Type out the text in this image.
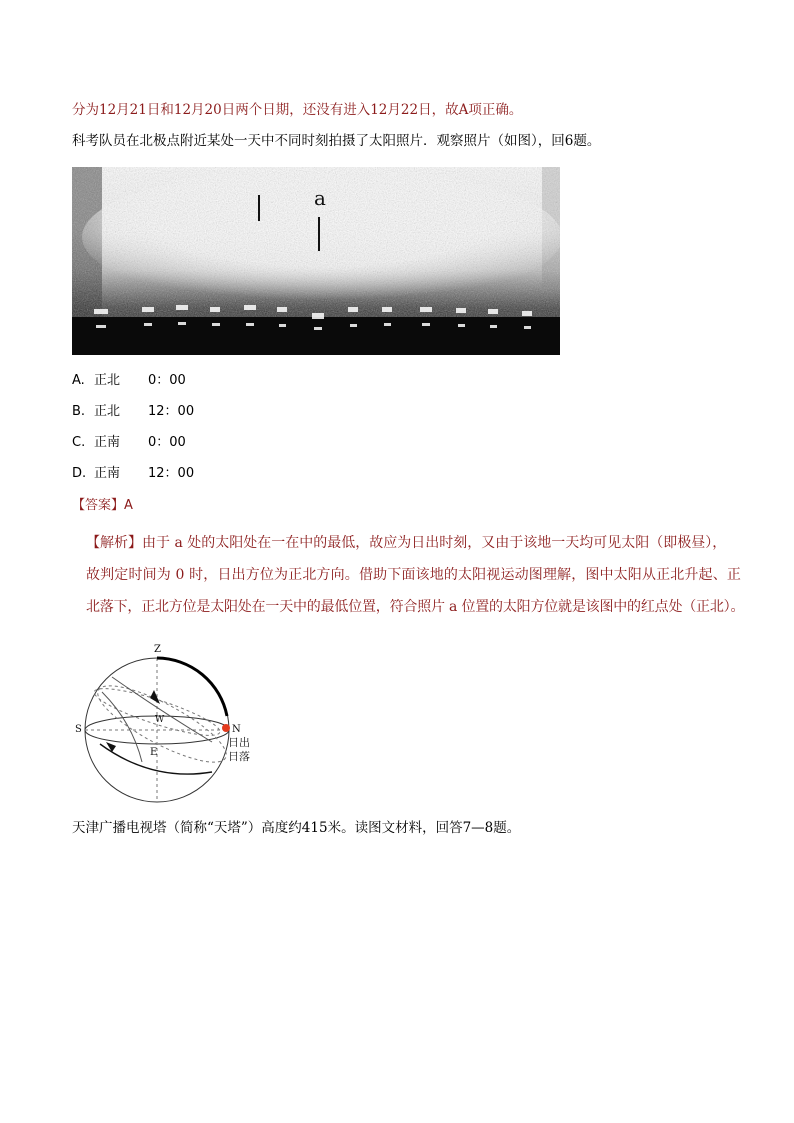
分为12月21日和12月20日两个日期，还没有进入12月22日，故A项正确。
科考队员在北极点附近某处一天中不同时刻拍摄了太阳照片．观察照片（如图），回6题。
a
A. 正北 0：00
B. 正北 12：00
C. 正南 0：00
D. 正南 12：00
【答案】A
【解析】由于 a 处的太阳处在一在中的最低，故应为日出时刻，又由于该地一天均可见太阳（即极昼），
故判定时间为 0 时，日出方位为正北方向。借助下面该地的太阳视运动图理解，图中太阳从正北升起、正
北落下，正北方位是太阳处在一天中的最低位置，符合照片 a 位置的太阳方位就是该图中的红点处（正北）。
Z
S	N
W
E
日出
日落
天津广播电视塔（简称“天塔”）高度约415米。读图文材料，回答7—8题。
